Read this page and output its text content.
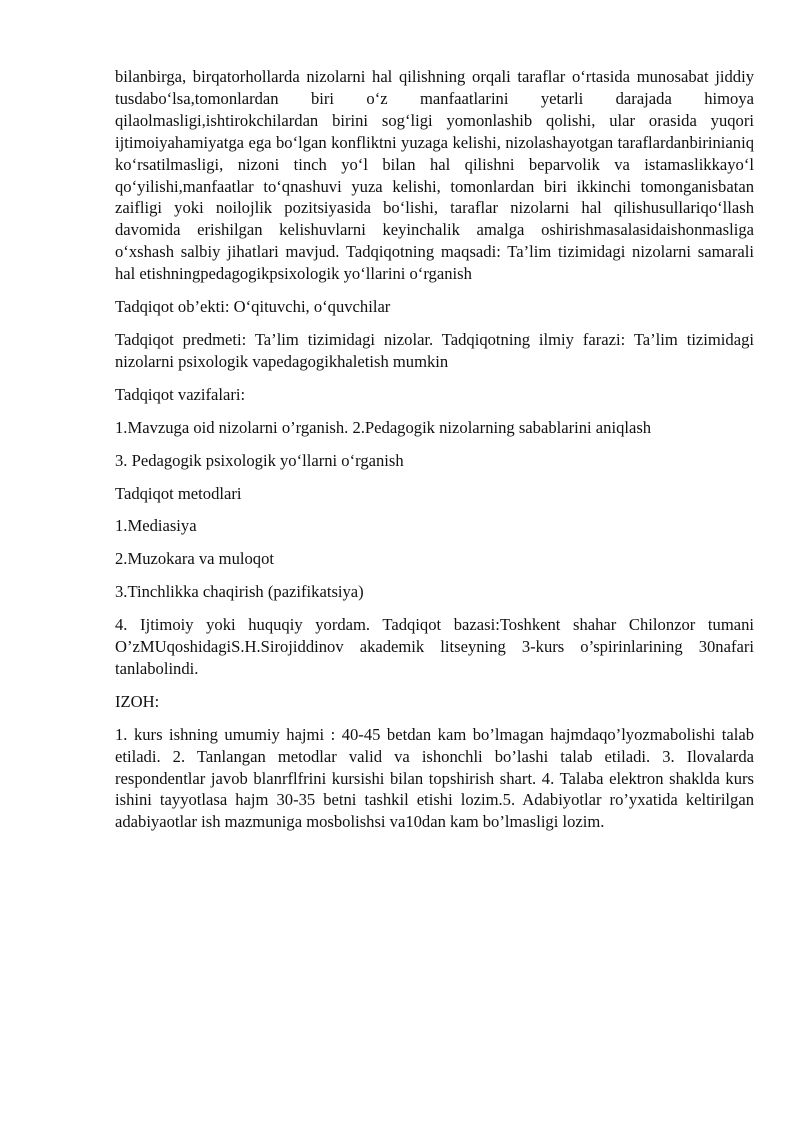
bilanbirga, birqatorhollarda nizolarni hal qilishning orqali taraflar o‘rtasida munosabat jiddiy tusdabo‘lsa,tomonlardan biri o‘z manfaatlarini yetarli darajada himoya qilaolmasligi,ishtirokchilardan birini sog‘ligi yomonlashib qolishi, ular orasida yuqori ijtimoiyahamiyatga ega bo‘lgan konfliktni yuzaga kelishi, nizolashayotgan taraflardanbirinianiq ko‘rsatilmasligi, nizoni tinch yo‘l bilan hal qilishni beparvolik va istamaslikkayo‘l qo‘yilishi,manfaatlar to‘qnashuvi yuza kelishi, tomonlardan biri ikkinchi tomonganisbatan zaifligi yoki noilojlik pozitsiyasida bo‘lishi, taraflar nizolarni hal qilishusullariqo‘llash davomida erishilgan kelishuvlarni keyinchalik amalga oshirishmasalasidaishonmasliga o‘xshash salbiy jihatlari mavjud. Tadqiqotning maqsadi: Ta’lim tizimidagi nizolarni samarali hal etishningpedagogikpsixologik yo‘llarini o‘rganish

Tadqiqot ob’ekti: O‘qituvchi, o‘quvchilar

Tadqiqot predmeti: Ta’lim tizimidagi nizolar. Tadqiqotning ilmiy farazi: Ta’lim tizimidagi nizolarni psixologik vapedagogikhaletish mumkin

Tadqiqot vazifalari:

1.Mavzuga oid nizolarni o’rganish. 2.Pedagogik nizolarning sabablarini aniqlash

3. Pedagogik psixologik yo‘llarni o‘rganish

Tadqiqot metodlari

1.Mediasiya

2.Muzokara va muloqot

3.Tinchlikka chaqirish (pazifikatsiya)

4. Ijtimoiy yoki huquqiy yordam. Tadqiqot bazasi:Toshkent shahar Chilonzor tumani O’zMUqoshidagiS.H.Sirojiddinov akademik litseyning 3-kurs o’spirinlarining 30nafari tanlabolindi.

IZOH:

1. kurs ishning umumiy hajmi : 40-45 betdan kam bo’lmagan hajmdaqo’lyozmabolishi talab etiladi. 2. Tanlangan metodlar valid va ishonchli bo’lashi talab etiladi. 3. Ilovalarda respondentlar javob blanrflfrini kursishi bilan topshirish shart. 4. Talaba elektron shaklda kurs ishini tayyotlasa hajm 30-35 betni tashkil etishi lozim.5. Adabiyotlar ro’yxatida keltirilgan adabiyaotlar ish mazmuniga mosbolishsi va10dan kam bo’lmasligi lozim.
